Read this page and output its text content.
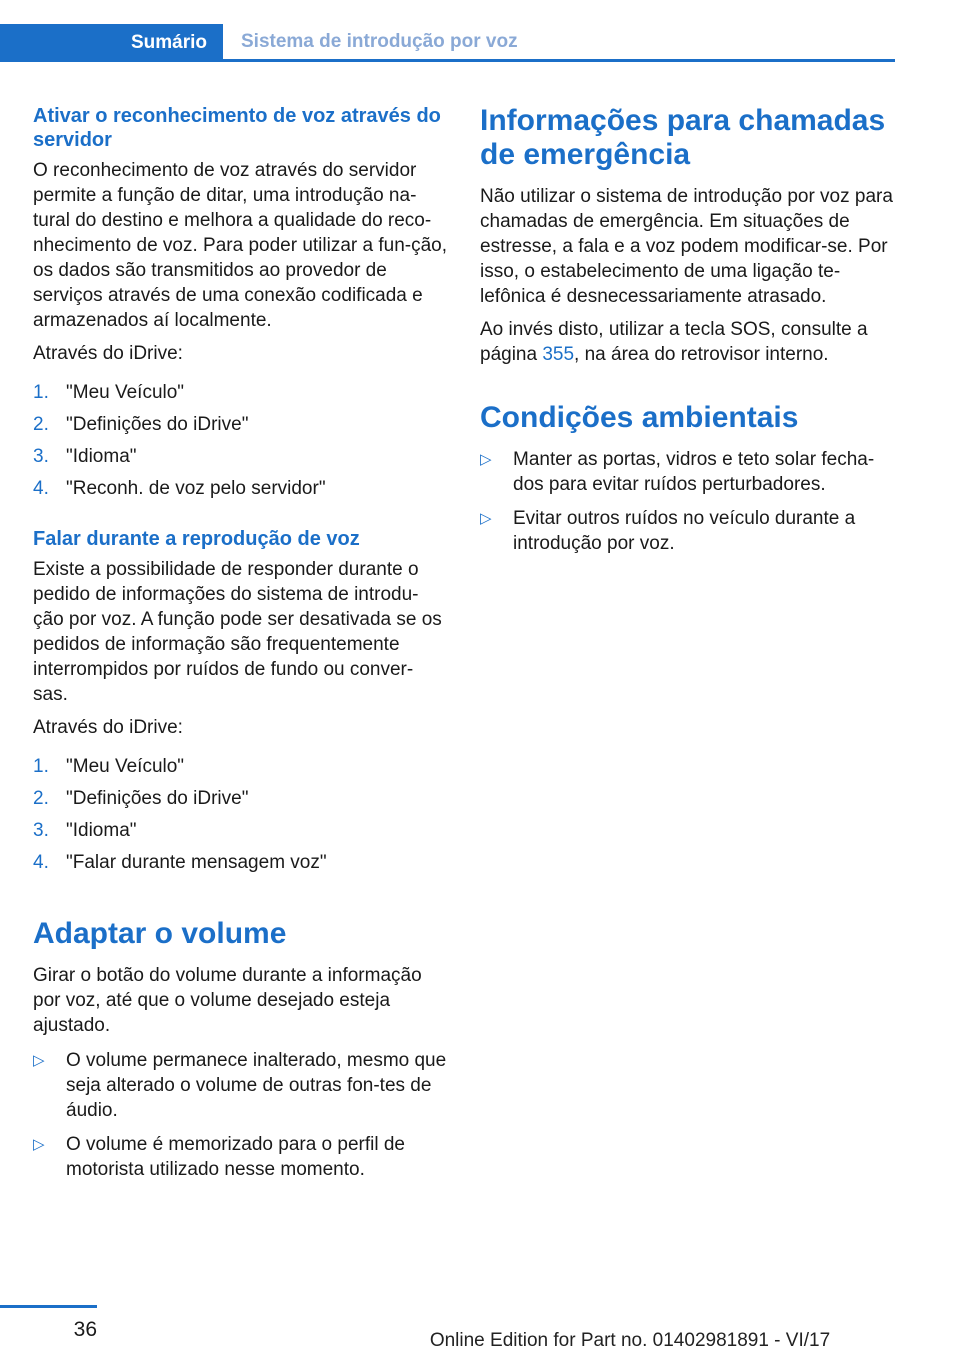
Sumário	Sistema de introdução por voz
Ativar o reconhecimento de voz através do servidor

O reconhecimento de voz através do servidor permite a função de ditar, uma introdução na‐tural do destino e melhora a qualidade do reco‐nhecimento de voz. Para poder utilizar a fun‐ção, os dados são transmitidos ao provedor de serviços através de uma conexão codificada e armazenados aí localmente.

Através do iDrive:

1. "Meu Veículo"
2. "Definições do iDrive"
3. "Idioma"
4. "Reconh. de voz pelo servidor"
Falar durante a reprodução de voz

Existe a possibilidade de responder durante o pedido de informações do sistema de introdu‐ção por voz. A função pode ser desativada se os pedidos de informação são frequentemente interrompidos por ruídos de fundo ou conver‐sas.

Através do iDrive:

1. "Meu Veículo"
2. "Definições do iDrive"
3. "Idioma"
4. "Falar durante mensagem voz"
Adaptar o volume

Girar o botão do volume durante a informação por voz, até que o volume desejado esteja ajustado.

▷	O volume permanece inalterado, mesmo que seja alterado o volume de outras fon‐tes de áudio.
▷	O volume é memorizado para o perfil de motorista utilizado nesse momento.
Informações para chamadas de emergência

Não utilizar o sistema de introdução por voz para chamadas de emergência. Em situações de estresse, a fala e a voz podem modificar-se. Por isso, o estabelecimento de uma ligação te‐lefônica é desnecessariamente atrasado.

Ao invés disto, utilizar a tecla SOS, consulte a página 355, na área do retrovisor interno.

Condições ambientais
▷	Manter as portas, vidros e teto solar fecha‐dos para evitar ruídos perturbadores.
▷	Evitar outros ruídos no veículo durante a introdução por voz.
36	Online Edition for Part no. 01402981891 - VI/17
